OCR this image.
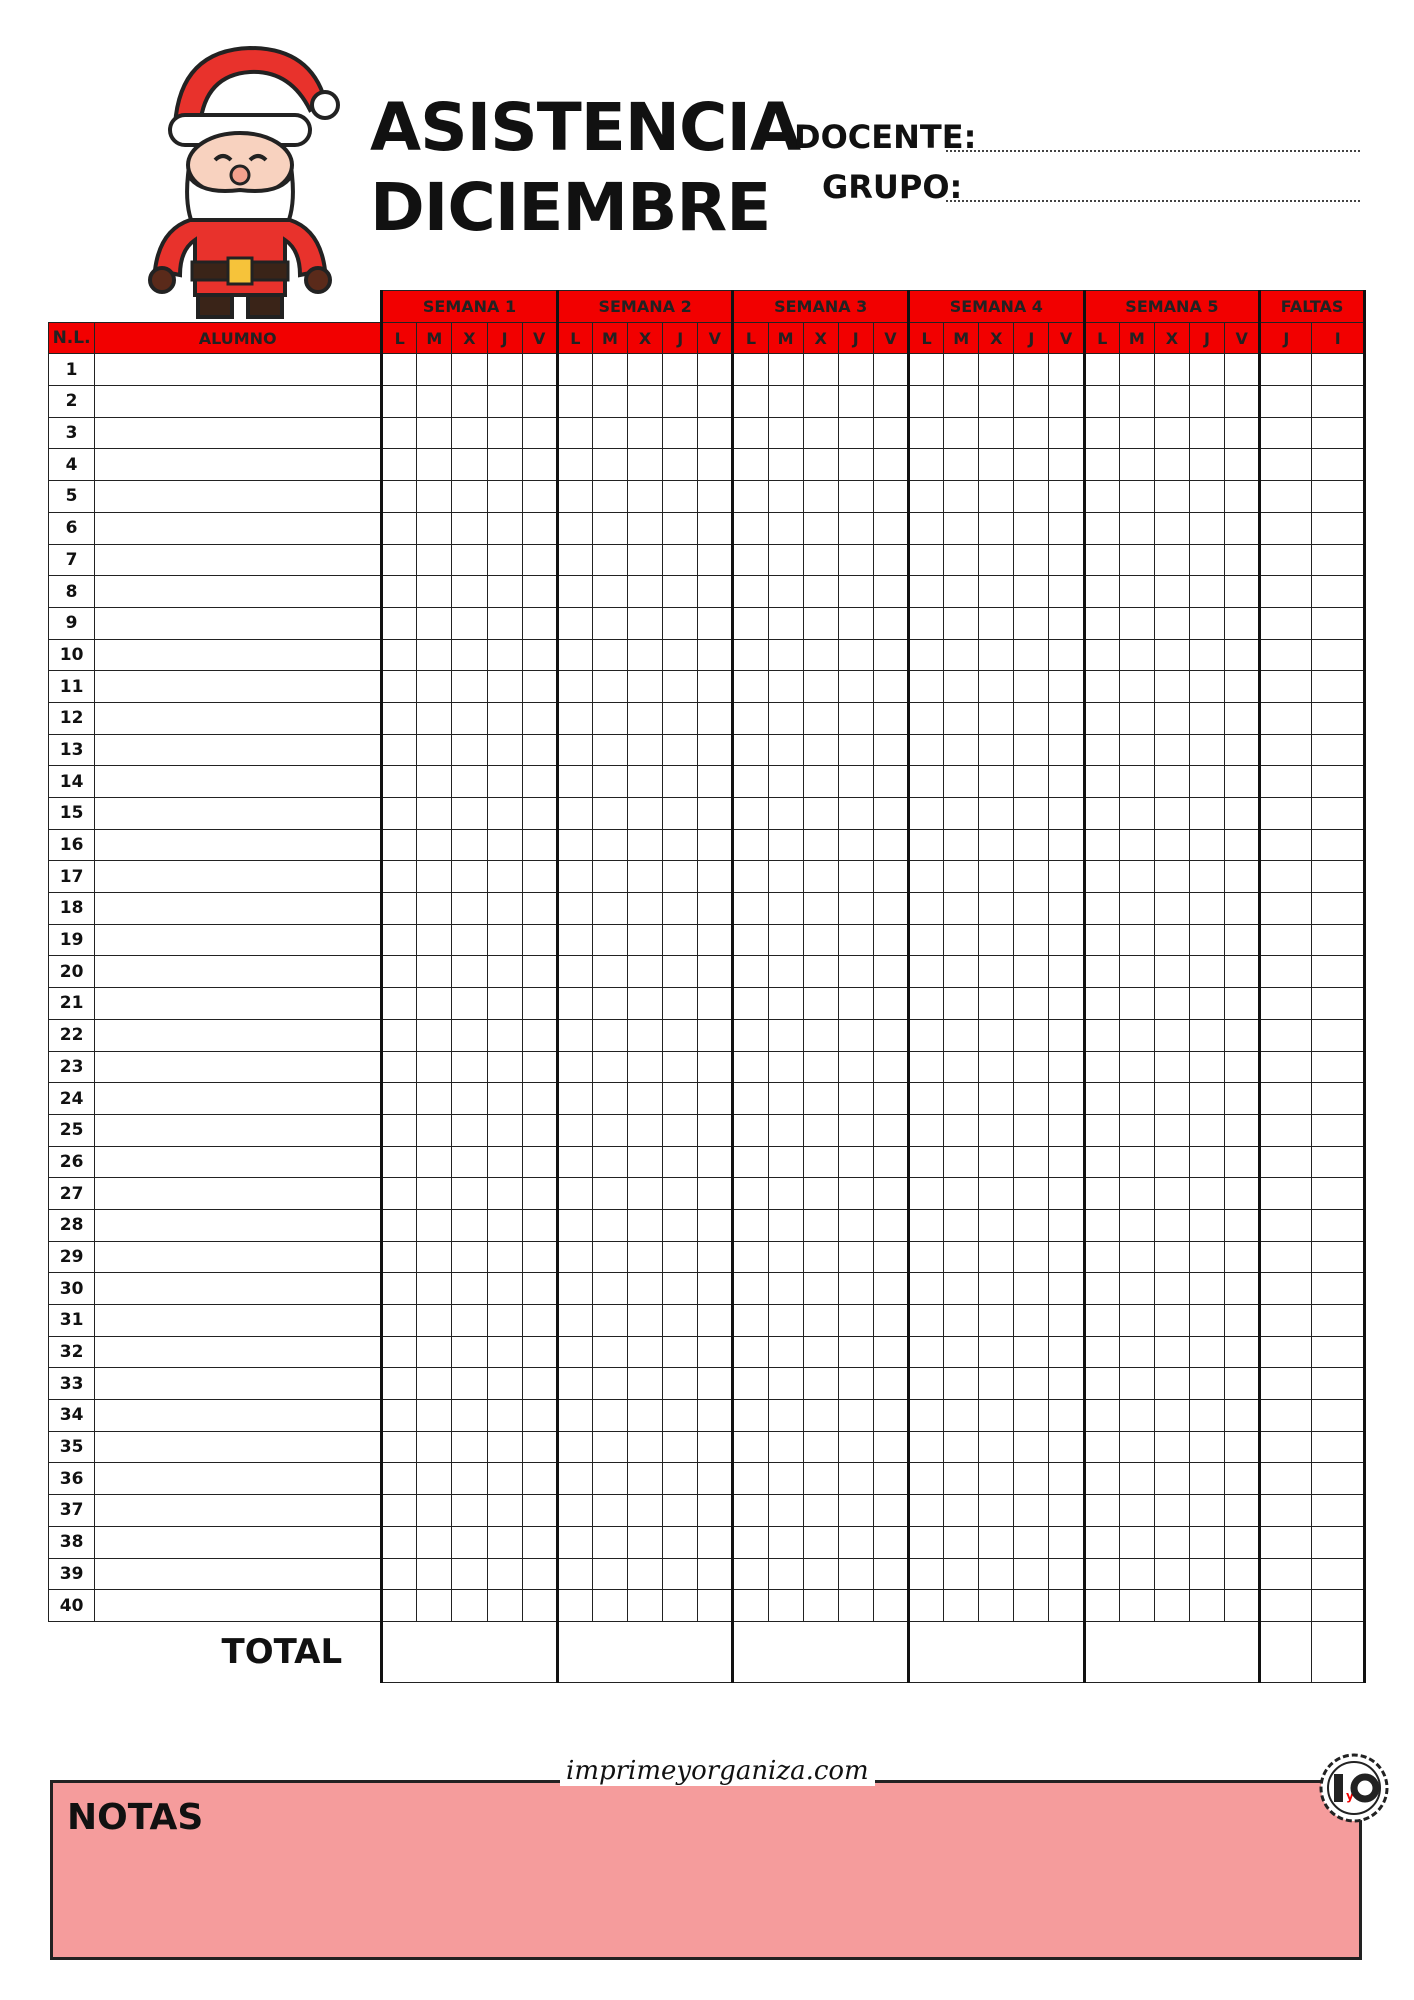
ASISTENCIA
DICIEMBRE
DOCENTE:
GRUPO:
		SEMANA 1					SEMANA 2					SEMANA 3					SEMANA 4					SEMANA 5					FALTAS	
N.L.	ALUMNO	L	M	X	J	V	L	M	X	J	V	L	M	X	J	V	L	M	X	J	V	L	M	X	J	V	J	I
1																												
2																												
3																												
4																												
5																												
6																												
7																												
8																												
9																												
10																												
11																												
12																												
13																												
14																												
15																												
16																												
17																												
18																												
19																												
20																												
21																												
22																												
23																												
24																												
25																												
26																												
27																												
28																												
29																												
30																												
31																												
32																												
33																												
34																												
35																												
36																												
37																												
38																												
39																												
40																												
TOTAL																												
NOTAS
imprimeyorganiza.com
y
